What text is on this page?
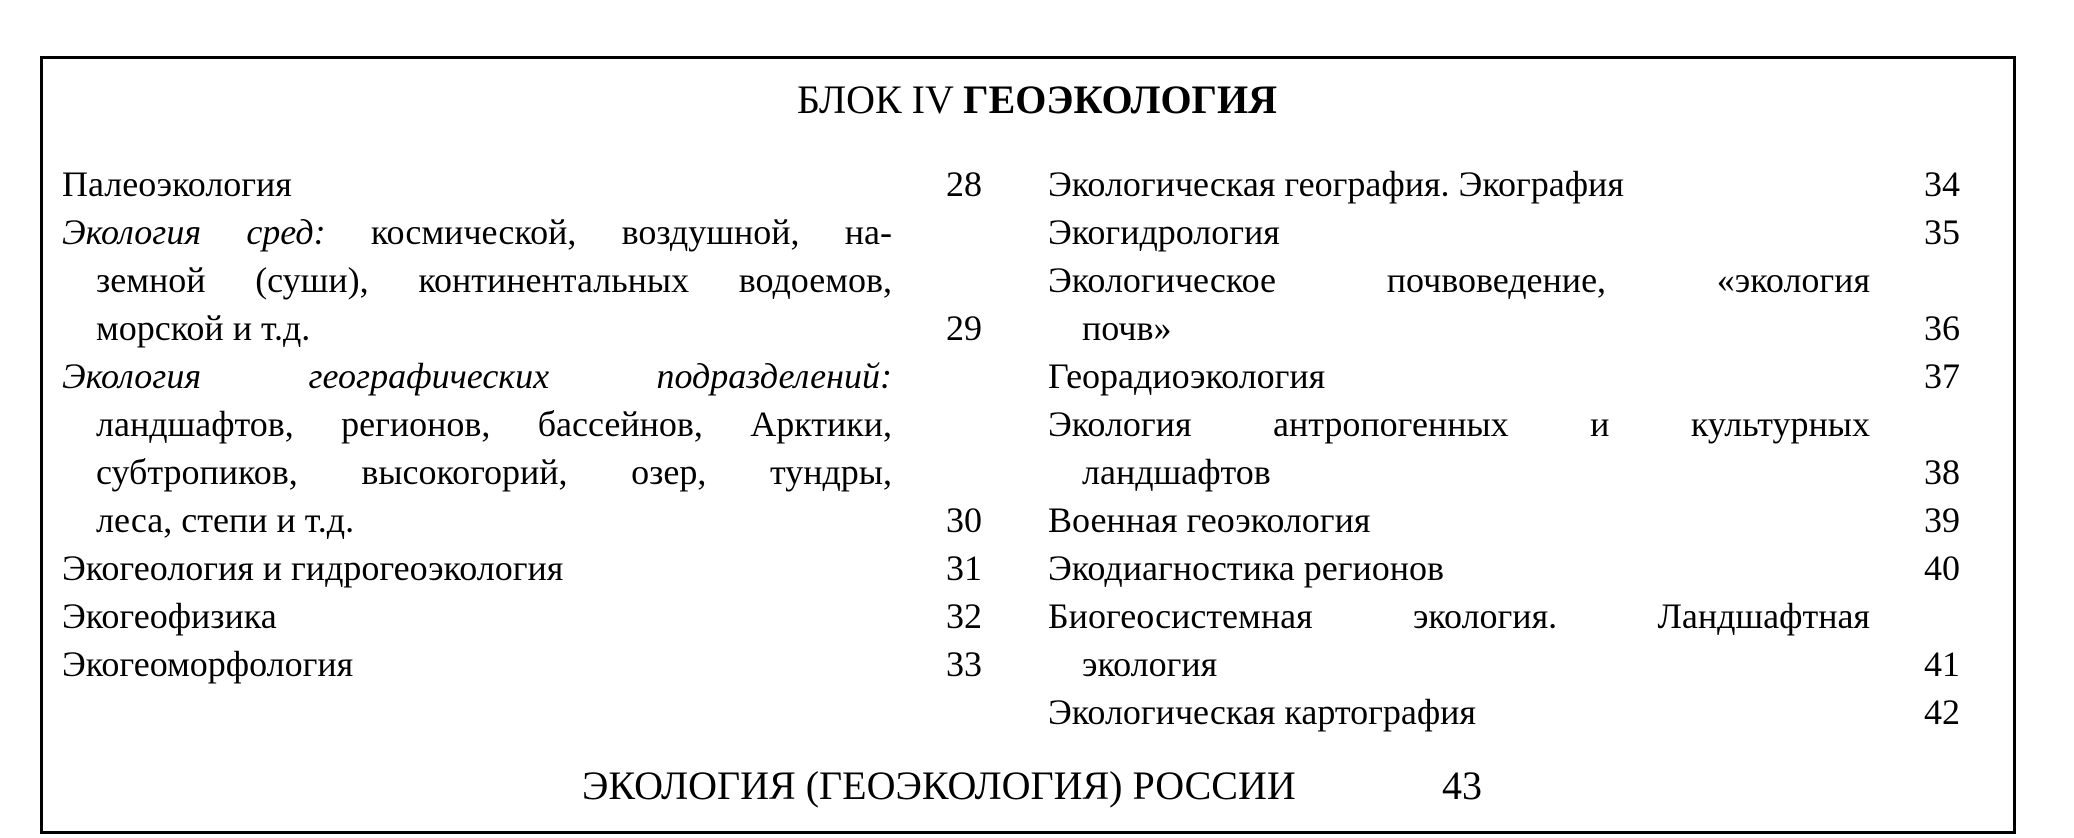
БЛОК IV ГЕОЭКОЛОГИЯ
Палеоэкология	28
Экология сред: космической, воздушной, на-
земной (суши), континентальных водоемов,
морской и т.д.	29
Экология географических подразделений:
ландшафтов, регионов, бассейнов, Арктики,
субтропиков, высокогорий, озер, тундры,
леса, степи и т.д.	30
Экогеология и гидрогеоэкология	31
Экогеофизика	32
Экогеоморфология	33
Экологическая география. Экография	34
Экогидрология	35
Экологическое почвоведение, «экология
почв»	36
Георадиоэкология	37
Экология антропогенных и культурных
ландшафтов	38
Военная геоэкология	39
Экодиагностика регионов	40
Биогеосистемная экология. Ландшафтная
экология	41
Экологическая картография	42
ЭКОЛОГИЯ (ГЕОЭКОЛОГИЯ) РОССИИ	43
